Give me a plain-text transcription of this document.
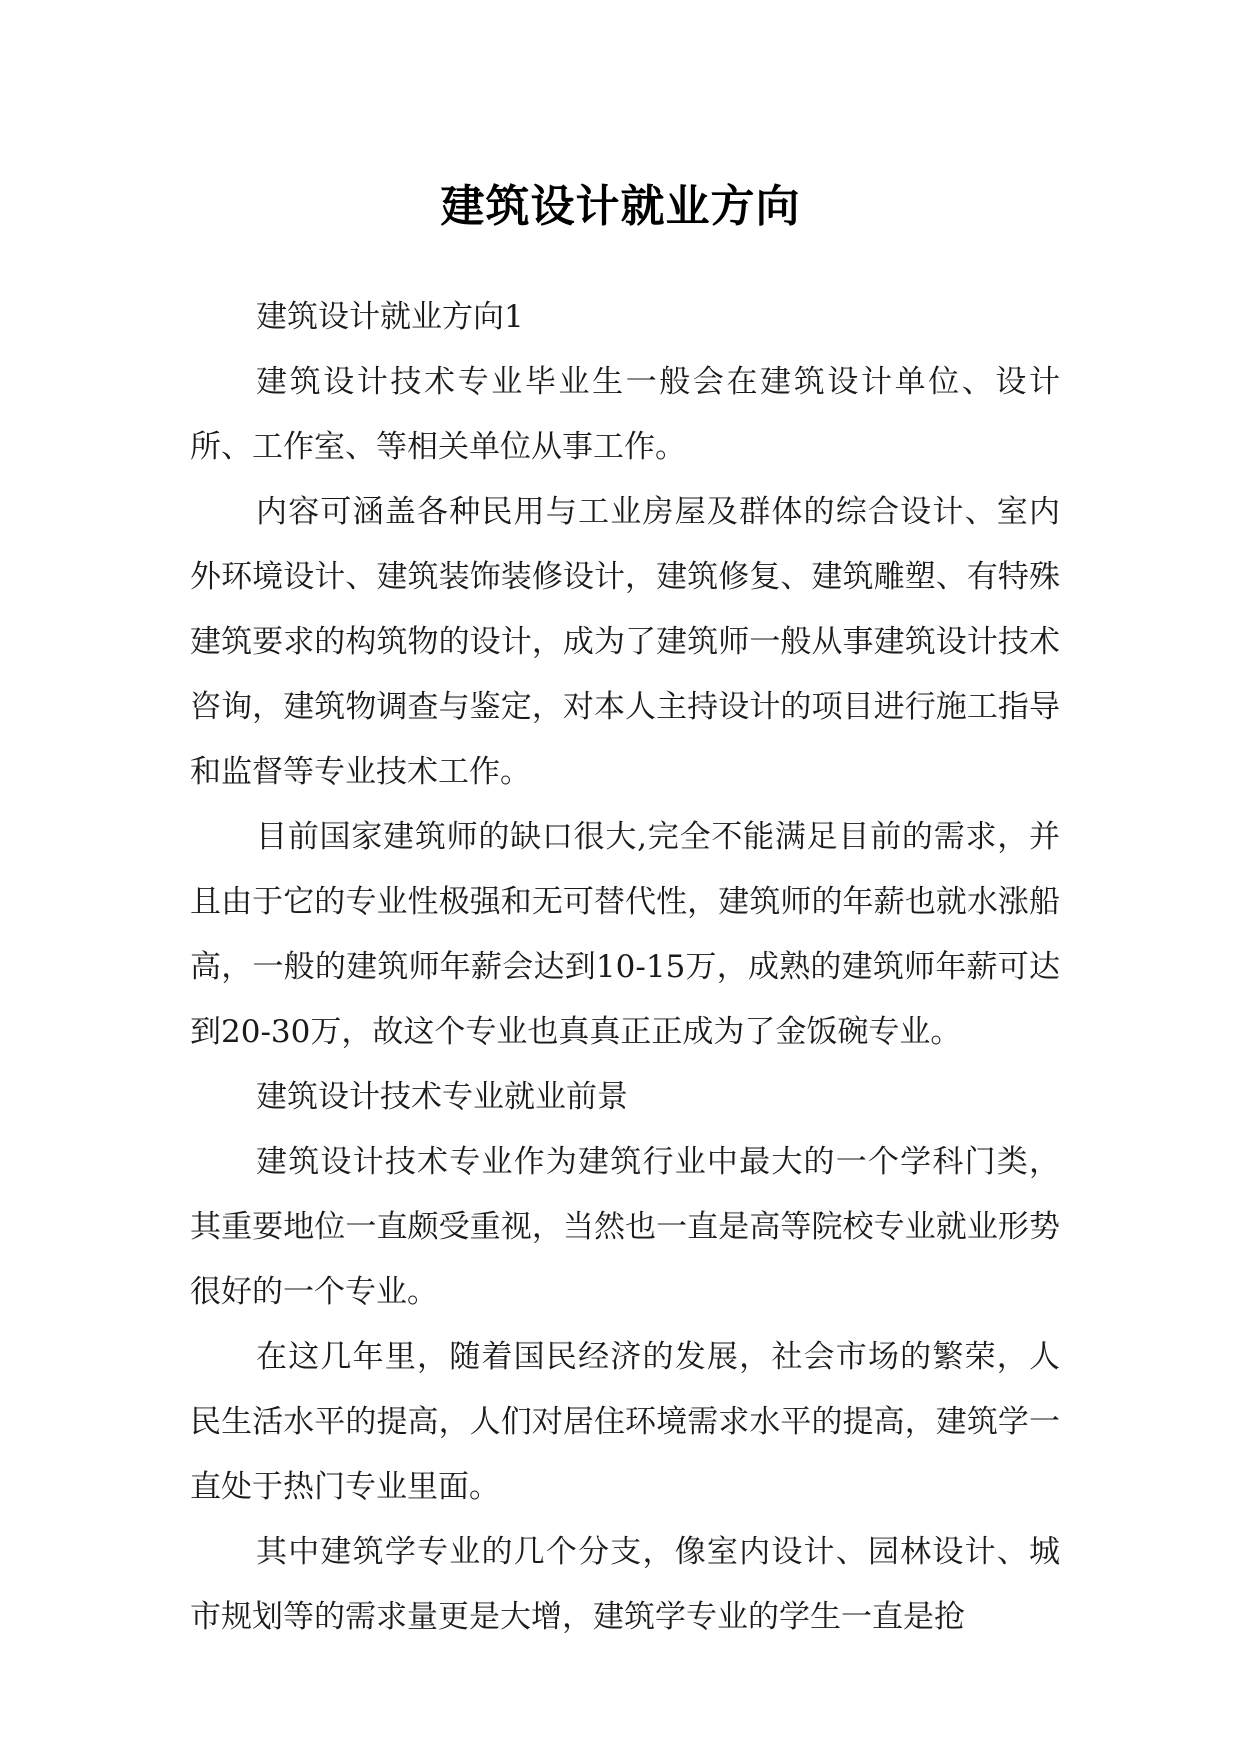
建筑设计就业方向

建筑设计就业方向1

建筑设计技术专业毕业生一般会在建筑设计单位、设计所、工作室、等相关单位从事工作。

内容可涵盖各种民用与工业房屋及群体的综合设计、室内外环境设计、建筑装饰装修设计，建筑修复、建筑雕塑、有特殊建筑要求的构筑物的设计，成为了建筑师一般从事建筑设计技术咨询，建筑物调查与鉴定，对本人主持设计的项目进行施工指导和监督等专业技术工作。

目前国家建筑师的缺口很大,完全不能满足目前的需求，并且由于它的专业性极强和无可替代性，建筑师的年薪也就水涨船高，一般的建筑师年薪会达到10-15万，成熟的建筑师年薪可达到20-30万，故这个专业也真真正正成为了金饭碗专业。

建筑设计技术专业就业前景

建筑设计技术专业作为建筑行业中最大的一个学科门类，其重要地位一直颇受重视，当然也一直是高等院校专业就业形势很好的一个专业。

在这几年里，随着国民经济的发展，社会市场的繁荣，人民生活水平的提高，人们对居住环境需求水平的提高，建筑学一直处于热门专业里面。

其中建筑学专业的几个分支，像室内设计、园林设计、城市规划等的需求量更是大增，建筑学专业的学生一直是抢
